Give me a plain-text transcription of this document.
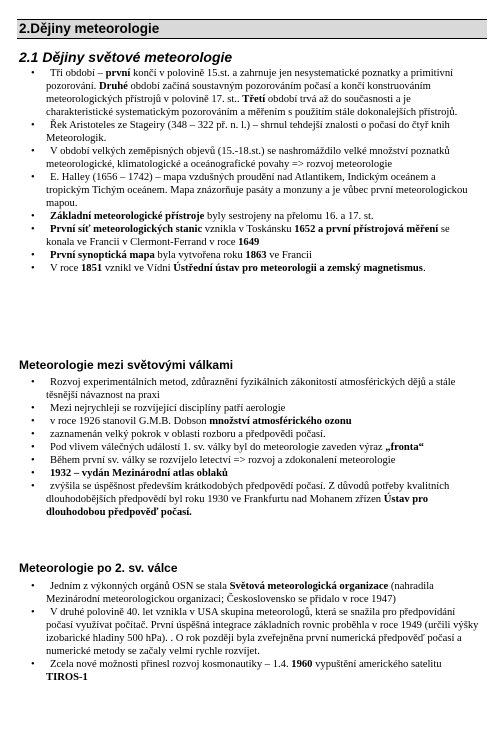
2.Dějiny meteorologie
2.1 Dějiny světové meteorologie
•	Tři období – první končí v polovině 15.st. a zahrnuje jen nesystematické poznatky a primitivní pozorování. Druhé období začíná soustavným pozorováním počasí a končí konstruováním meteorologických přístrojů v polovině 17. st.. Třetí období trvá až do současnosti a je charakteristické systematickým pozorováním a měřením s použitím stále dokonalejších přístrojů.
•	Řek Aristoteles ze Stageiry (348 – 322 př. n. l.) – shrnul tehdejší znalosti o počasí do čtyř knih Meteorologik.
•	V období velkých zeměpisných objevů (15.-18.st.) se nashromáždilo velké množství poznatků meteorologické, klimatologické a oceánografické povahy => rozvoj meteorologie
•	E. Halley (1656 – 1742) – mapa vzdušných proudění nad Atlantikem, Indickým oceánem a tropickým Tichým oceánem. Mapa znázorňuje pasáty a monzuny a je vůbec první meteorologickou mapou.
•	Základní meteorologické přístroje byly sestrojeny na přelomu 16. a 17. st.
•	První síť meteorologických stanic vznikla v Toskánsku 1652 a první přístrojová měření se konala ve Francii v Clermont-Ferrand v roce 1649
•	První synoptická mapa byla vytvořena roku 1863 ve Francii
•	V roce 1851 vznikl ve Vídni Ústřední ústav pro meteorologii a zemský magnetismus.
Meteorologie mezi světovými válkami
•	Rozvoj experimentálních metod, zdůraznění fyzikálních zákonitostí atmosférických dějů a stále těsnější návaznost na praxi
•	Mezi nejrychleji se rozvíjející disciplíny patří aerologie
•	v roce 1926 stanovil G.M.B. Dobson množství atmosférického ozonu
•	zaznamenán velký pokrok v oblasti rozboru a předpovědi počasí.
•	Pod vlivem válečných událostí 1. sv. války byl do meteorologie zaveden výraz „fronta“
•	Během první sv. války se rozvíjelo letectví => rozvoj a zdokonalení meteorologie
•	1932 – vydán Mezinárodní atlas oblaků
•	zvýšila se úspěšnost především krátkodobých předpovědí počasí. Z důvodů potřeby kvalitních dlouhodobějších předpovědí byl roku 1930 ve Frankfurtu nad Mohanem zřízen Ústav pro dlouhodobou předpověď počasí.
Meteorologie po 2. sv. válce
•	Jedním z výkonných orgánů OSN se stala Světová meteorologická organizace (nahradila Mezinárodní meteorologickou organizaci; Československo se přidalo v roce 1947)
•	V druhé polovině 40. let vznikla v USA skupina meteorologů, která se snažila pro předpovídání počasí využívat počítač. První úspěšná integrace základních rovnic proběhla v roce 1949 (určili výšky izobarické hladiny 500 hPa). . O rok později byla zveřejněna první numerická předpověď počasí a numerické metody se začaly velmi rychle rozvíjet.
•	Zcela nové možnosti přinesl rozvoj kosmonautiky – 1.4. 1960 vypuštění amerického satelitu TIROS-1
